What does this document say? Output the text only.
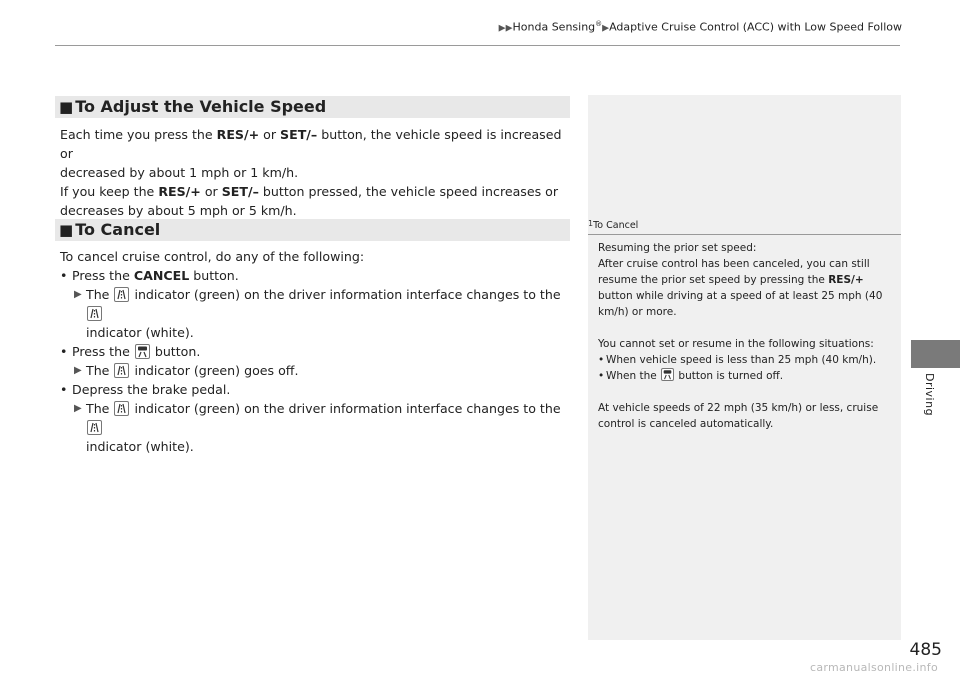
▶▶Honda Sensing®▶Adaptive Cruise Control (ACC) with Low Speed Follow
■ To Adjust the Vehicle Speed

Each time you press the RES/+ or SET/– button, the vehicle speed is increased or

decreased by about 1 mph or 1 km/h.

If you keep the RES/+ or SET/– button pressed, the vehicle speed increases or

decreases by about 5 mph or 5 km/h.

■ To Cancel

To cancel cruise control, do any of the following:

• Press the CANCEL button.

▶ The
indicator (green) on the driver information interface changes to the

indicator (white).

• Press the
button.

▶ The
indicator (green) goes off.

• Depress the brake pedal.

▶ The
indicator (green) on the driver information interface changes to the

indicator (white).

$^1$To Cancel

Resuming the prior set speed:

After cruise control has been canceled, you can still

resume the prior set speed by pressing the RES/+

button while driving at a speed of at least 25 mph (40

km/h) or more.

You cannot set or resume in the following situations:

• When vehicle speed is less than 25 mph (40 km/h).

• When the
button is turned off.

At vehicle speeds of 22 mph (35 km/h) or less, cruise

control is canceled automatically.

Driving
485
carmanualsonline.info
